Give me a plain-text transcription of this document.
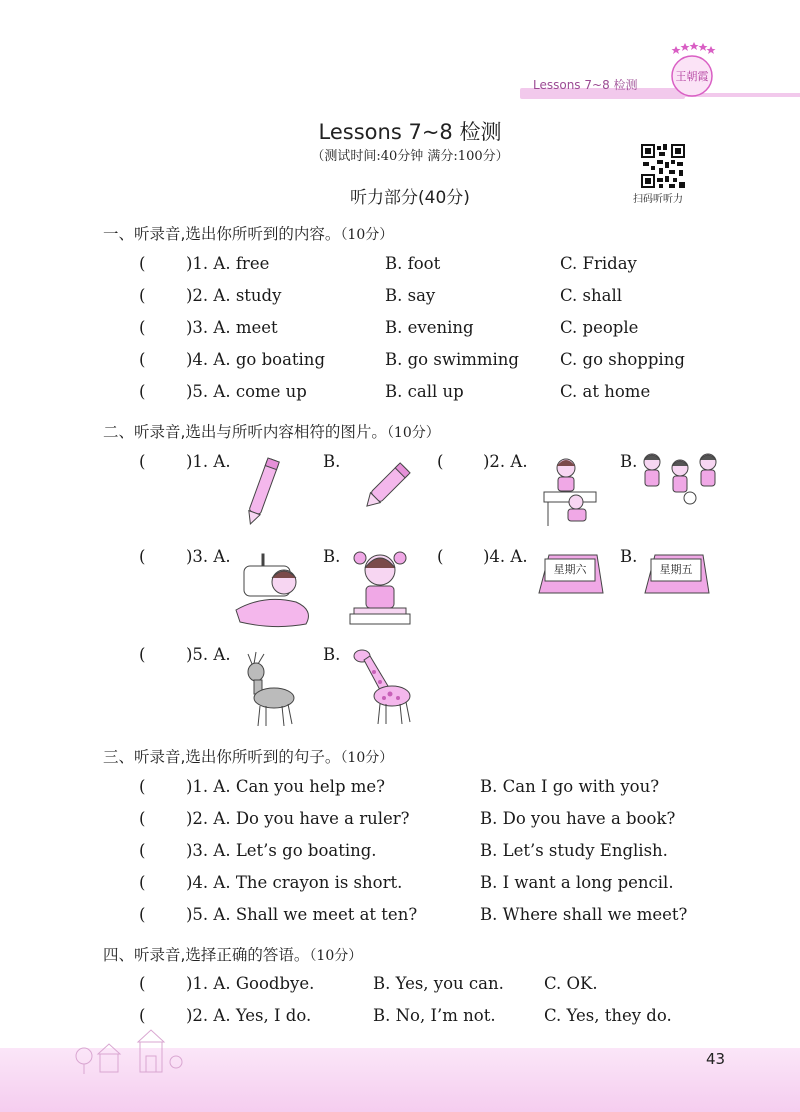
Lessons 7~8 检测
王朝霞
Lessons 7~8 检测
（测试时间:40分钟 满分:100分）
扫码听听力
听力部分(40分)
一、听录音,选出你所听到的内容。（10分）
( )1. A. free	B. foot	C. Friday
( )2. A. study	B. say	C. shall
( )3. A. meet	B. evening	C. people
( )4. A. go boating	B. go swimming C. go shopping
( )5. A. come up	B. call up	C. at home
二、听录音,选出与所听内容相符的图片。（10分）
( )1. A.	B.	( )2. A.	B.
( )3. A.	B.	( )4. A.
星期六
B.
星期五
( )5. A.	B.
三、听录音,选出你所听到的句子。（10分）
( )1. A. Can you help me?	B. Can I go with you?
( )2. A. Do you have a ruler?	B. Do you have a book?
( )3. A. Let’s go boating.	B. Let’s study English.
( )4. A. The crayon is short.	B. I want a long pencil.
( )5. A. Shall we meet at ten?	B. Where shall we meet?
四、听录音,选择正确的答语。（10分）
( )1. A. Goodbye.	B. Yes, you can. C. OK.
( )2. A. Yes, I do.	B. No, I’m not.	C. Yes, they do.
43
